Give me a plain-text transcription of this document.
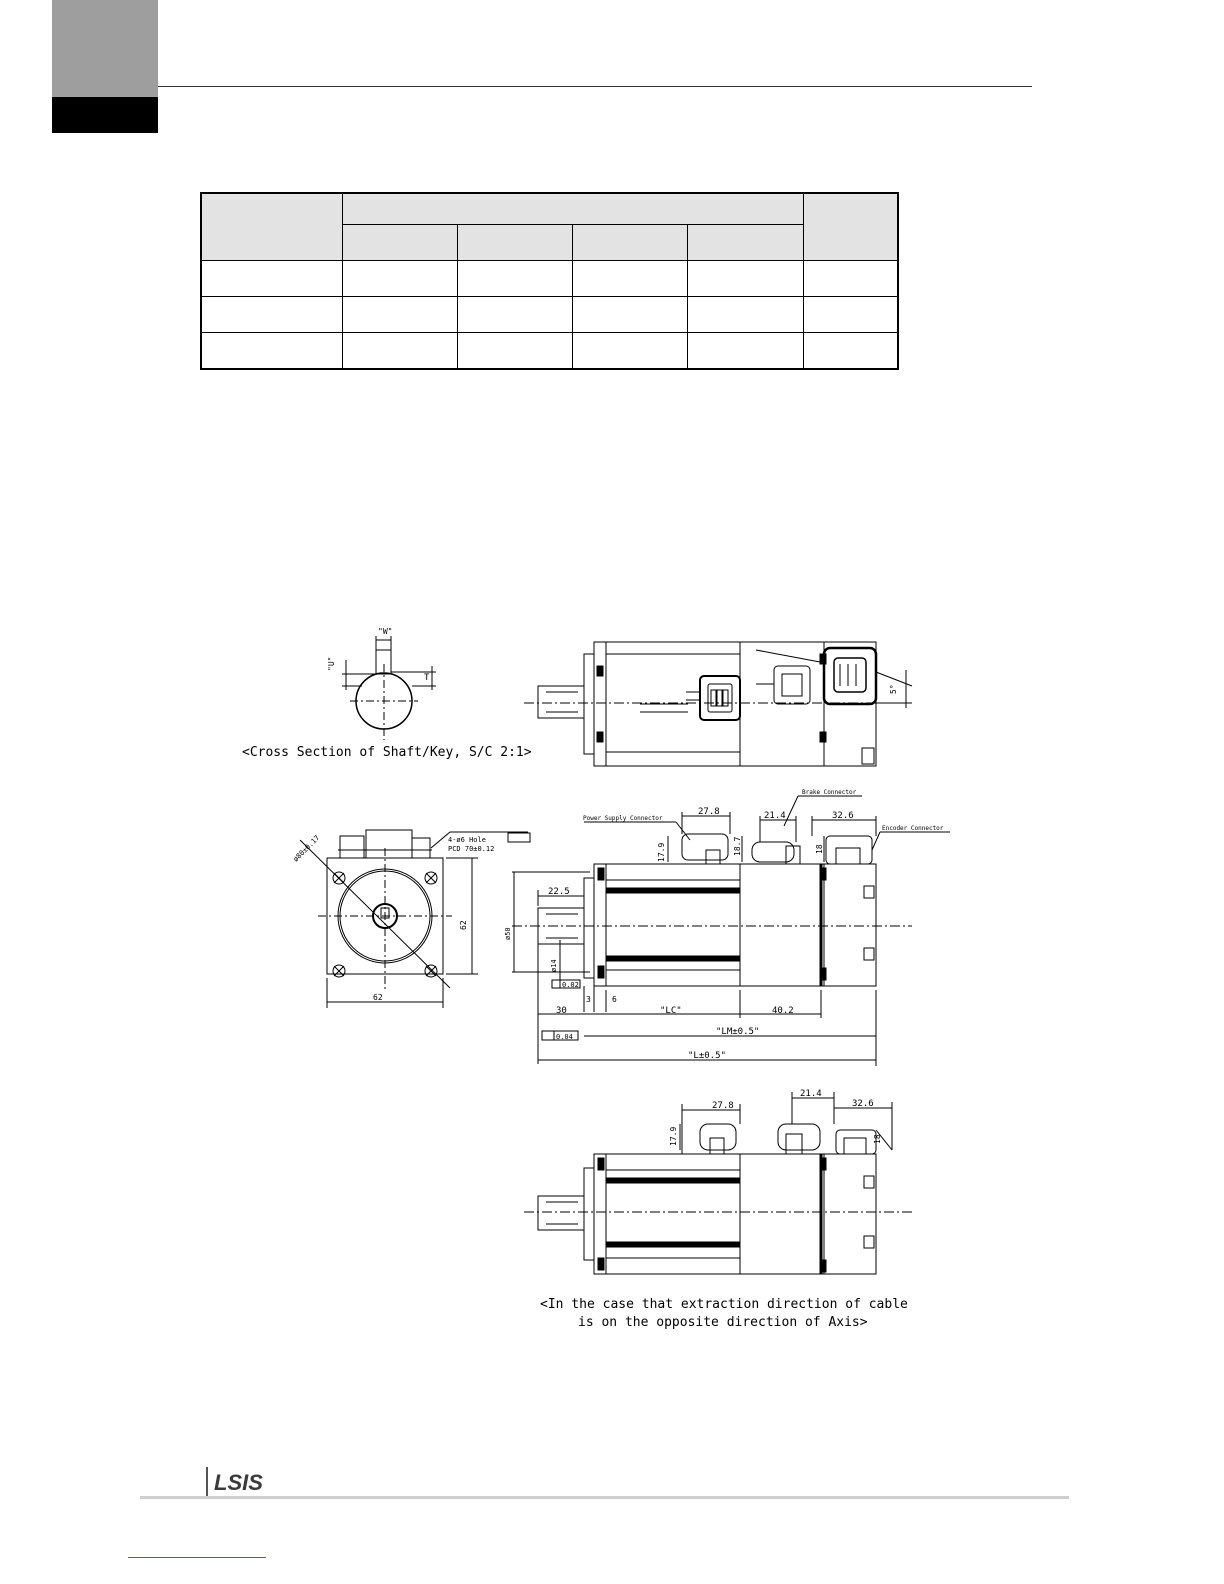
"W"
"U"
T
<Cross Section of Shaft/Key, S/C 2:1>
5°
62
62
ø80±0.17	4-ø6 Hole
PCD 70±0.12
Power Supply Connector
Brake Connector
Encoder Connector
27.8	21.4	32.6
17.9	18.7	18
22.5
ø50
ø14
0.02
30
3	6
"LC"	40.2
"LM±0.5"
0.04
"L±0.5"
27.8
21.4
32.6
17.9	18
<In the case that extraction direction of cable
is on the opposite direction of Axis>
LSIS
